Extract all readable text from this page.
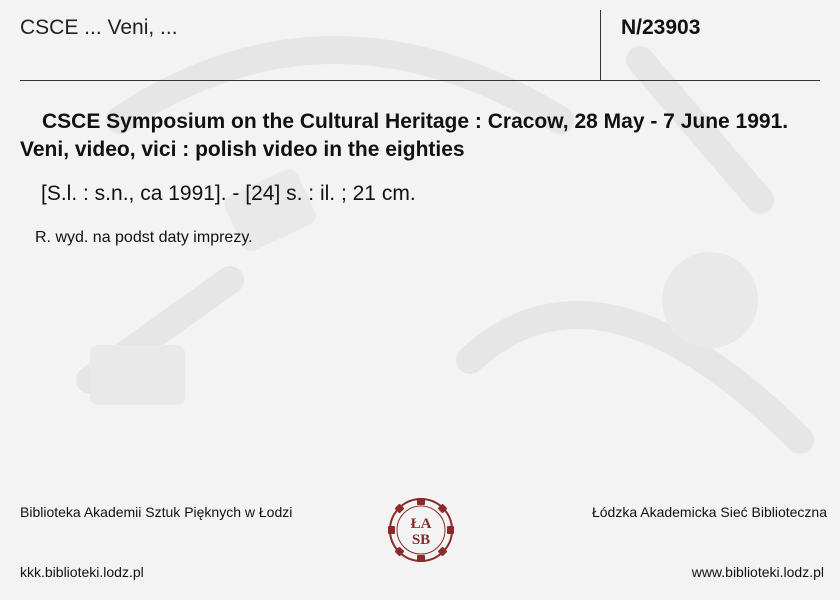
CSCE ... Veni, ...	N/23903
CSCE Symposium on the Cultural Heritage : Cracow, 28 May - 7 June 1991. Veni, video, vici : polish video in the eighties
[S.l. : s.n., ca 1991]. - [24] s. : il. ; 21 cm.
R. wyd. na podst daty imprezy.
Biblioteka Akademii Sztuk Pięknych w Łodzi
ŁA
SB
Łódzka Akademicka Sieć Biblioteczna
kkk.biblioteki.lodz.pl	www.biblioteki.lodz.pl
